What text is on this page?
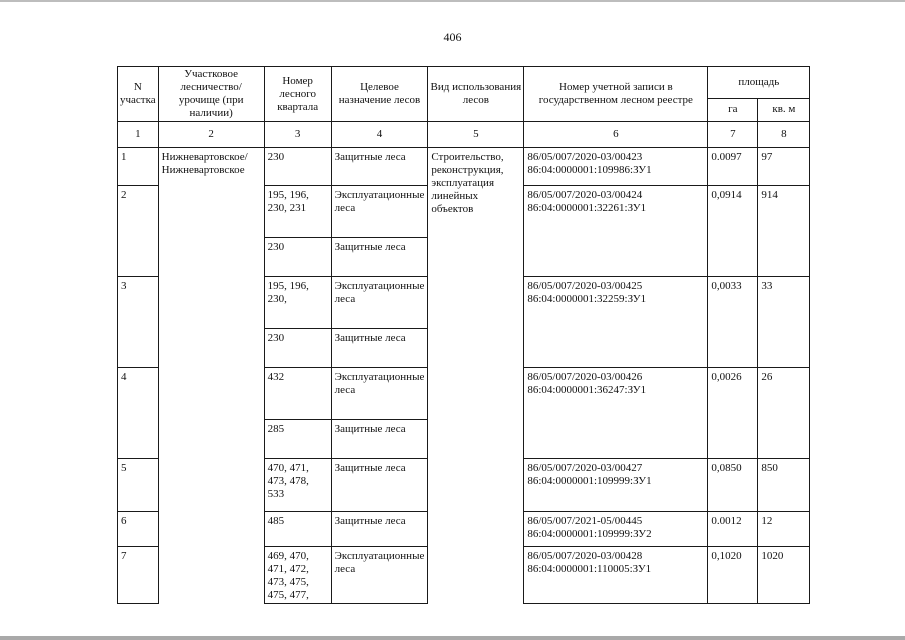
406
N участка	Участковое лесничество/урочище (при наличии)	Номер лесного квартала	Целевое назначение лесов	Вид использования лесов	Номер учетной записи в государственном лесном реестре	площадь	
						га	кв. м
1	2	3	4	5	6	7	8
1	Нижневартовское/ Нижневартовское	230	Защитные леса	Строительство, реконструкция, эксплуатация линейных объектов	86/05/007/2020-03/00423 86:04:0000001:109986:ЗУ1	0.0097	97
2		195, 196, 230, 231	Эксплуатационные леса		86/05/007/2020-03/00424 86:04:0000001:32261:ЗУ1	0,0914	914
		230	Защитные леса				
3		195, 196, 230,	Эксплуатационные леса		86/05/007/2020-03/00425 86:04:0000001:32259:ЗУ1	0,0033	33
		230	Защитные леса				
4		432	Эксплуатационные леса		86/05/007/2020-03/00426 86:04:0000001:36247:ЗУ1	0,0026	26
		285	Защитные леса				
5		470, 471, 473, 478, 533	Защитные леса		86/05/007/2020-03/00427 86:04:0000001:109999:ЗУ1	0,0850	850
6		485	Защитные леса		86/05/007/2021-05/00445 86:04:0000001:109999:ЗУ2	0.0012	12
7		469, 470, 471, 472, 473, 475, 475, 477,	Эксплуатационные леса		86/05/007/2020-03/00428 86:04:0000001:110005:ЗУ1	0,1020	1020
